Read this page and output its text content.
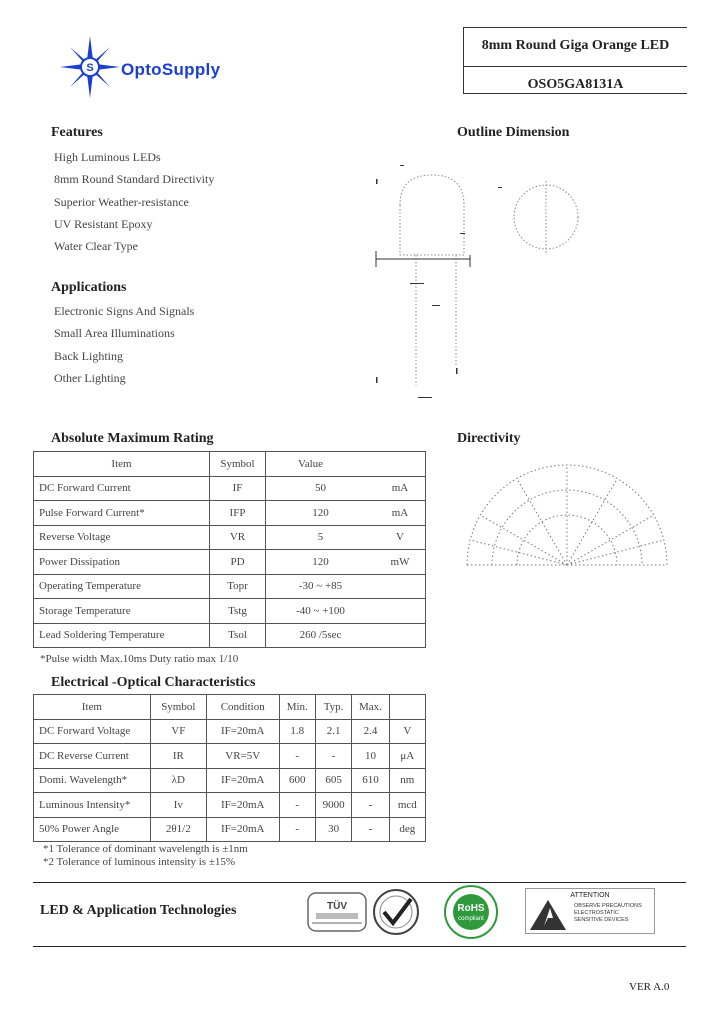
S OptoSupply
8mm Round Giga Orange LED
OSO5GA8131A
Features
High Luminous LEDs
8mm Round Standard Directivity
Superior Weather-resistance
UV Resistant Epoxy
Water Clear Type
Applications
Electronic Signs And Signals
Small Area Illuminations
Back Lighting
Other Lighting
Outline Dimension
Directivity
Absolute Maximum Rating
Item	Symbol	Value	
DC Forward Current	IF	50	mA
Pulse Forward Current*	IFP	120	mA
Reverse Voltage	VR	5	V
Power Dissipation	PD	120	mW
Operating Temperature	Topr	-30 ~ +85	
Storage Temperature	Tstg	-40 ~ +100	
Lead Soldering Temperature	Tsol	260 /5sec	
*Pulse width Max.10ms Duty ratio max 1/10
Electrical -Optical Characteristics
Item	Symbol	Condition	Min.	Typ.	Max.	
DC Forward Voltage	VF	IF=20mA	1.8	2.1	2.4	V
DC Reverse Current	IR	VR=5V	-	-	10	μA
Domi. Wavelength*	λD	IF=20mA	600	605	610	nm
Luminous Intensity*	Iv	IF=20mA	-	9000	-	mcd
50% Power Angle	2θ1/2	IF=20mA	-	30	-	deg
*1 Tolerance of dominant wavelength is ±1nm
*2 Tolerance of luminous intensity is ±15%
LED & Application Technologies	TÜV	RoHS
compliant
ATTENTION
OBSERVE PRECAUTIONS
ELECTROSTATIC
SENSITIVE DEVICES
VER A.0
